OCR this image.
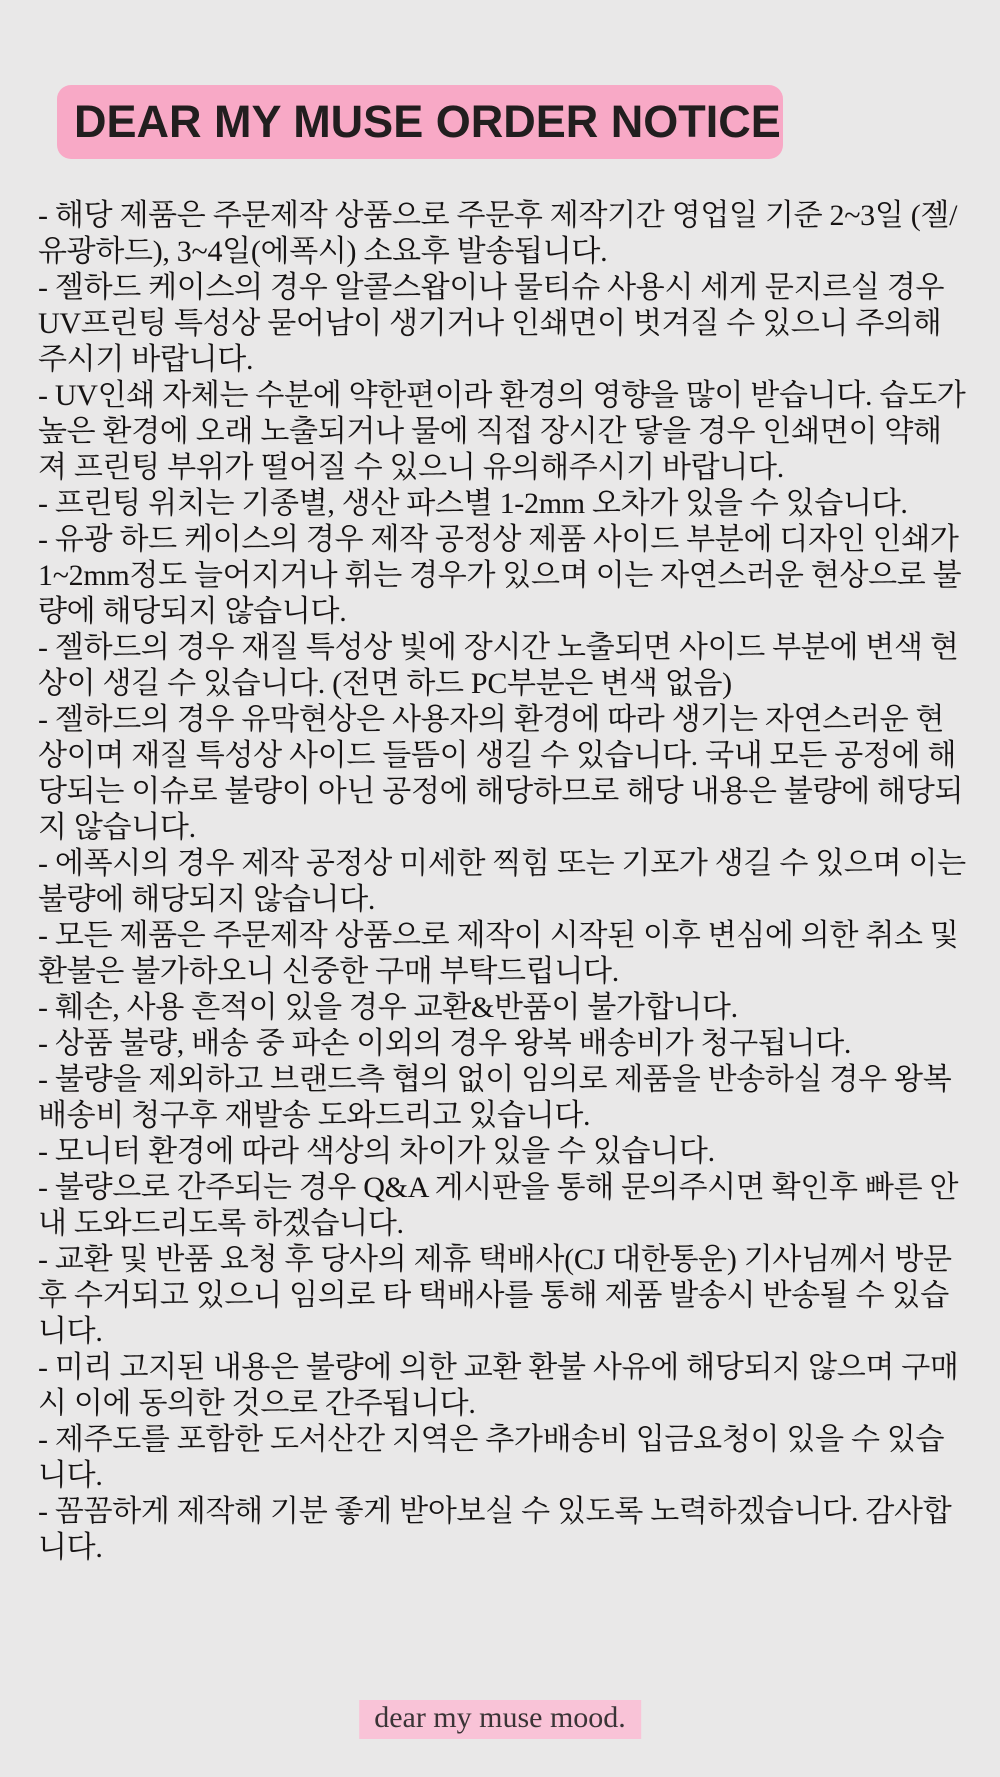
DEAR MY MUSE ORDER NOTICE

- 해당 제품은 주문제작 상품으로 주문후 제작기간 영업일 기준 2~3일 (젤/유광하드), 3~4일(에폭시) 소요후 발송됩니다.

- 젤하드 케이스의 경우 알콜스왑이나 물티슈 사용시 세게 문지르실 경우 UV프린팅 특성상 묻어남이 생기거나 인쇄면이 벗겨질 수 있으니 주의해주시기 바랍니다.

- UV인쇄 자체는 수분에 약한편이라 환경의 영향을 많이 받습니다. 습도가 높은 환경에 오래 노출되거나 물에 직접 장시간 닿을 경우 인쇄면이 약해져 프린팅 부위가 떨어질 수 있으니 유의해주시기 바랍니다.

- 프린팅 위치는 기종별, 생산 파스별 1-2mm 오차가 있을 수 있습니다.

- 유광 하드 케이스의 경우 제작 공정상 제품 사이드 부분에 디자인 인쇄가 1~2mm정도 늘어지거나 휘는 경우가 있으며 이는 자연스러운 현상으로 불량에 해당되지 않습니다.

- 젤하드의 경우 재질 특성상 빛에 장시간 노출되면 사이드 부분에 변색 현상이 생길 수 있습니다. (전면 하드 PC부분은 변색 없음)

- 젤하드의 경우 유막현상은 사용자의 환경에 따라 생기는 자연스러운 현상이며 재질 특성상 사이드 들뜸이 생길 수 있습니다. 국내 모든 공정에 해당되는 이슈로 불량이 아닌 공정에 해당하므로 해당 내용은 불량에 해당되지 않습니다.

- 에폭시의 경우 제작 공정상 미세한 찍힘 또는 기포가 생길 수 있으며 이는 불량에 해당되지 않습니다.

- 모든 제품은 주문제작 상품으로 제작이 시작된 이후 변심에 의한 취소 및 환불은 불가하오니 신중한 구매 부탁드립니다.

- 훼손, 사용 흔적이 있을 경우 교환&반품이 불가합니다.

- 상품 불량, 배송 중 파손 이외의 경우 왕복 배송비가 청구됩니다.

- 불량을 제외하고 브랜드측 협의 없이 임의로 제품을 반송하실 경우 왕복 배송비 청구후 재발송 도와드리고 있습니다.

- 모니터 환경에 따라 색상의 차이가 있을 수 있습니다.

- 불량으로 간주되는 경우 Q&A 게시판을 통해 문의주시면 확인후 빠른 안내 도와드리도록 하겠습니다.

- 교환 및 반품 요청 후 당사의 제휴 택배사(CJ 대한통운) 기사님께서 방문후 수거되고 있으니 임의로 타 택배사를 통해 제품 발송시 반송될 수 있습니다.

- 미리 고지된 내용은 불량에 의한 교환 환불 사유에 해당되지 않으며 구매시 이에 동의한 것으로 간주됩니다.

- 제주도를 포함한 도서산간 지역은 추가배송비 입금요청이 있을 수 있습니다.

- 꼼꼼하게 제작해 기분 좋게 받아보실 수 있도록 노력하겠습니다. 감사합니다.

dear my muse mood.
